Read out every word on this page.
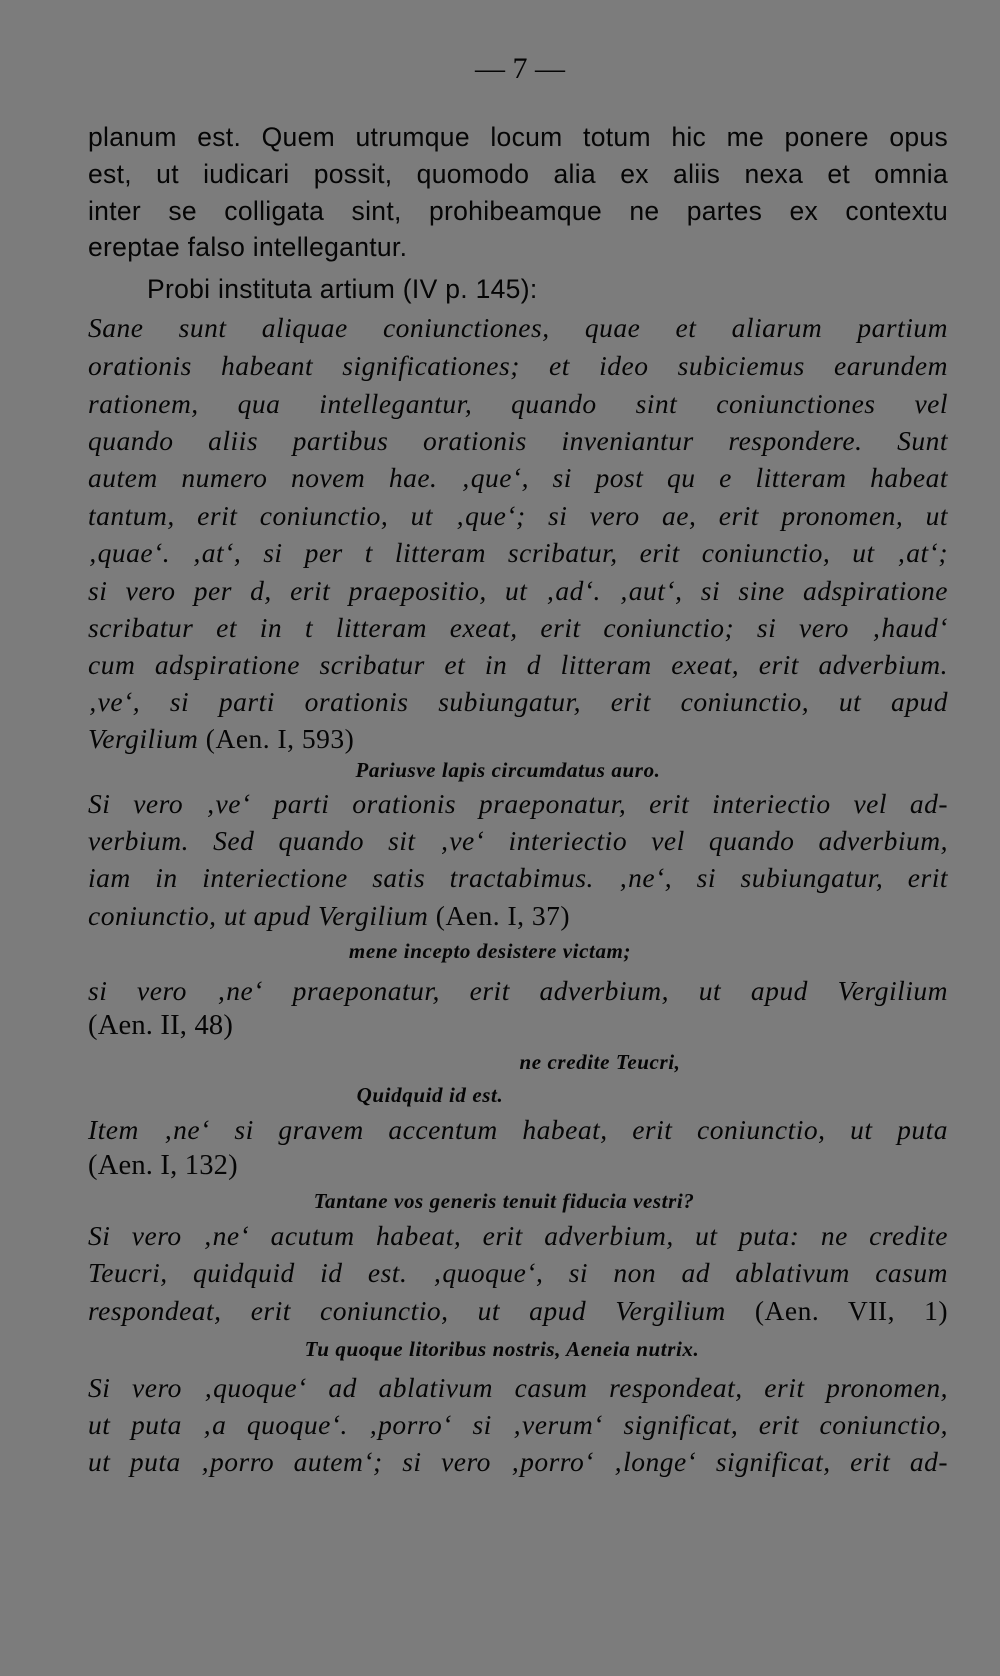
— 7 —
planum est. Quem utrumque locum totum hic me ponere opus
est, ut iudicari possit, quomodo alia ex aliis nexa et omnia
inter se colligata sint, prohibeamque ne partes ex contextu
ereptae falso intellegantur.
Probi instituta artium (IV p. 145):
Sane sunt aliquae coniunctiones, quae et aliarum partium
orationis habeant significationes; et ideo subiciemus earundem
rationem, qua intellegantur, quando sint coniunctiones vel
quando aliis partibus orationis inveniantur respondere. Sunt
autem numero novem hae. ‚que‘, si post qu e litteram habeat
tantum, erit coniunctio, ut ‚que‘; si vero ae, erit pronomen, ut
‚quae‘. ‚at‘, si per t litteram scribatur, erit coniunctio, ut ‚at‘;
si vero per d, erit praepositio, ut ‚ad‘. ‚aut‘, si sine adspiratione
scribatur et in t litteram exeat, erit coniunctio; si vero ‚haud‘
cum adspiratione scribatur et in d litteram exeat, erit adverbium.
‚ve‘, si parti orationis subiungatur, erit coniunctio, ut apud
Vergilium (Aen. I, 593)
Pariusve lapis circumdatus auro.
Si vero ‚ve‘ parti orationis praeponatur, erit interiectio vel ad-
verbium. Sed quando sit ‚ve‘ interiectio vel quando adverbium,
iam in interiectione satis tractabimus. ‚ne‘, si subiungatur, erit
coniunctio, ut apud Vergilium (Aen. I, 37)
mene incepto desistere victam;
si vero ‚ne‘ praeponatur, erit adverbium, ut apud Vergilium
(Aen. II, 48)
ne credite Teucri,
Quidquid id est.
Item ‚ne‘ si gravem accentum habeat, erit coniunctio, ut puta
(Aen. I, 132)
Tantane vos generis tenuit fiducia vestri?
Si vero ‚ne‘ acutum habeat, erit adverbium, ut puta: ne credite
Teucri, quidquid id est. ‚quoque‘, si non ad ablativum casum
respondeat, erit coniunctio, ut apud Vergilium (Aen. VII, 1)
Tu quoque litoribus nostris, Aeneia nutrix.
Si vero ‚quoque‘ ad ablativum casum respondeat, erit pronomen,
ut puta ‚a quoque‘. ‚porro‘ si ‚verum‘ significat, erit coniunctio,
ut puta ‚porro autem‘; si vero ‚porro‘ ‚longe‘ significat, erit ad-
